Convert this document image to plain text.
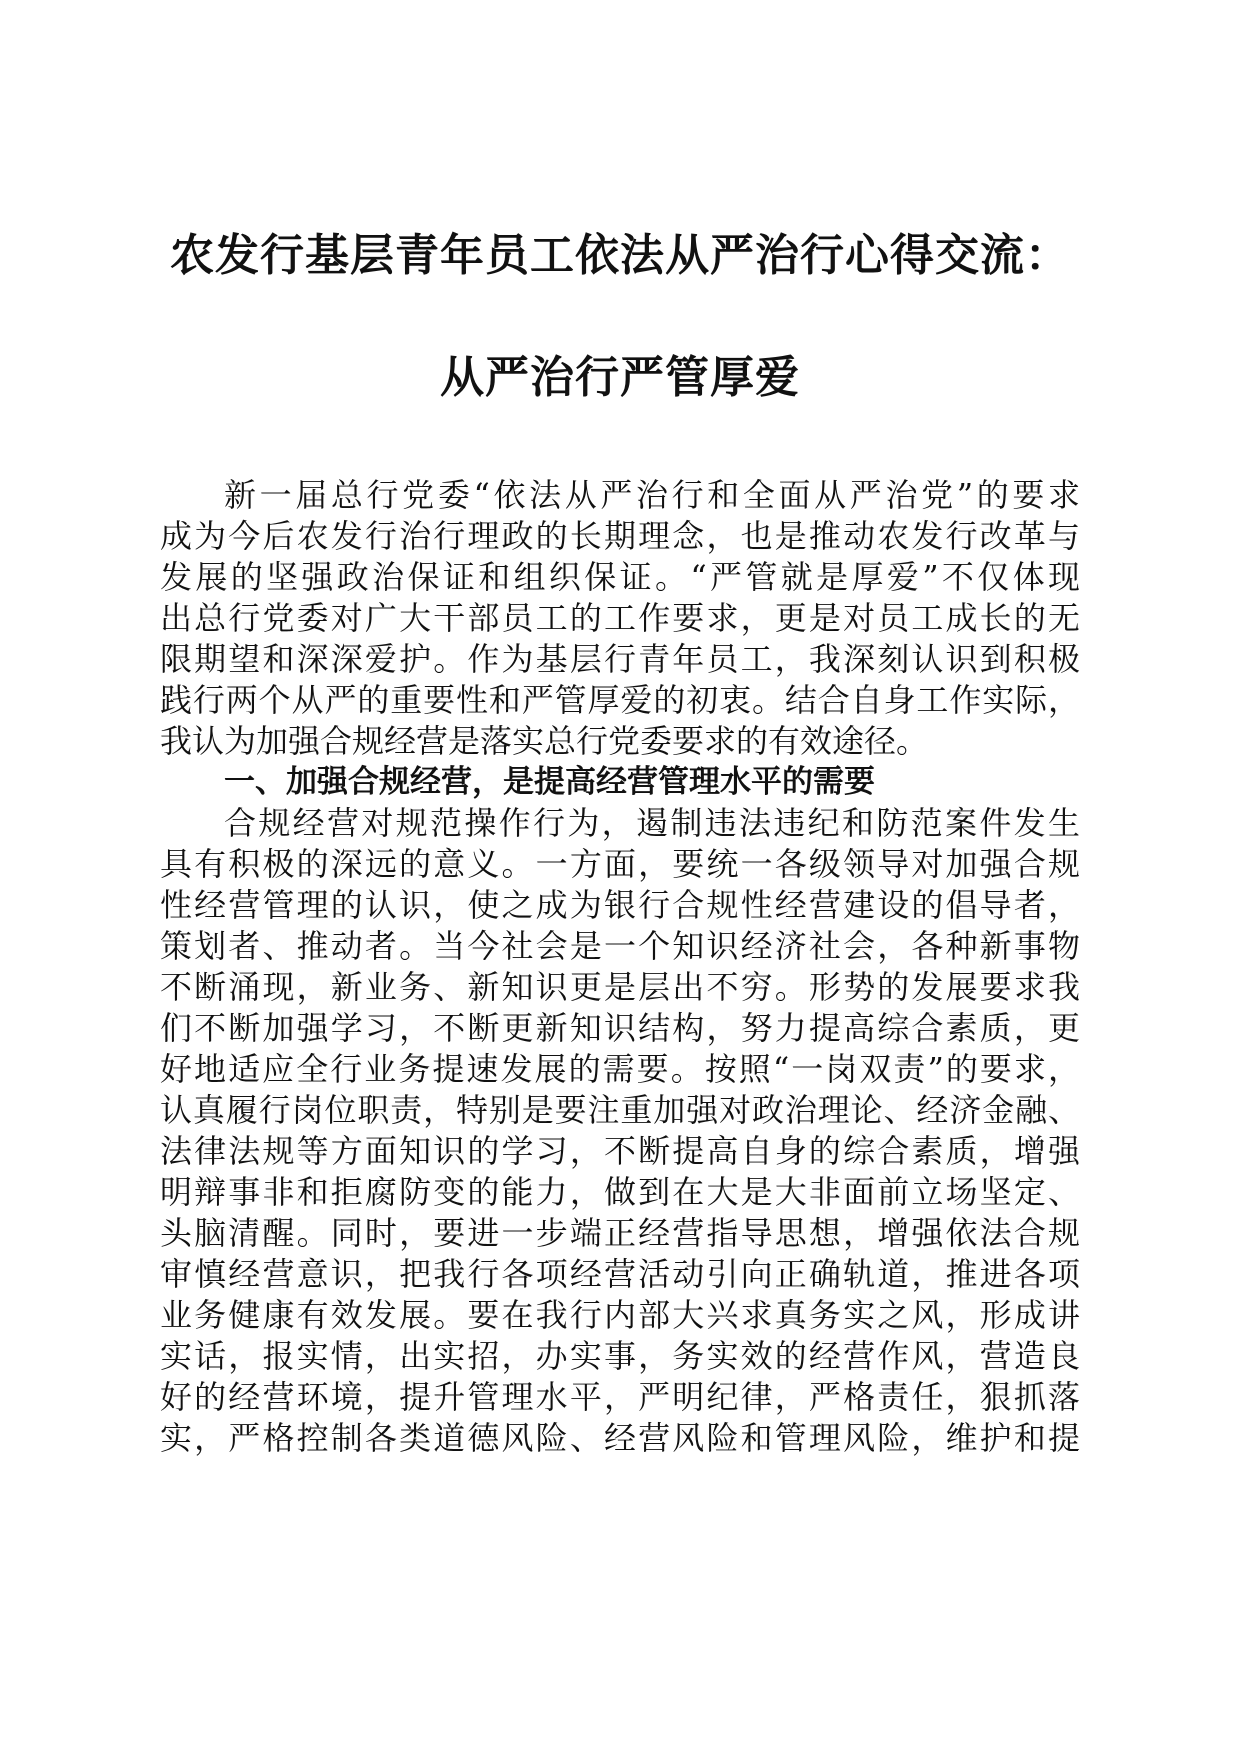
农发行基层青年员工依法从严治行心得交流：
从严治行严管厚爱
新一届总行党委“依法从严治行和全面从严治党”的要求
成为今后农发行治行理政的长期理念，也是推动农发行改革与
发展的坚强政治保证和组织保证。“严管就是厚爱”不仅体现
出总行党委对广大干部员工的工作要求，更是对员工成长的无
限期望和深深爱护。作为基层行青年员工，我深刻认识到积极
践行两个从严的重要性和严管厚爱的初衷。结合自身工作实际，
我认为加强合规经营是落实总行党委要求的有效途径。
一、加强合规经营，是提高经营管理水平的需要
合规经营对规范操作行为，遏制违法违纪和防范案件发生
具有积极的深远的意义。一方面，要统一各级领导对加强合规
性经营管理的认识，使之成为银行合规性经营建设的倡导者，
策划者、推动者。当今社会是一个知识经济社会，各种新事物
不断涌现，新业务、新知识更是层出不穷。形势的发展要求我
们不断加强学习，不断更新知识结构，努力提高综合素质，更
好地适应全行业务提速发展的需要。按照“一岗双责”的要求，
认真履行岗位职责，特别是要注重加强对政治理论、经济金融、
法律法规等方面知识的学习，不断提高自身的综合素质，增强
明辩事非和拒腐防变的能力，做到在大是大非面前立场坚定、
头脑清醒。同时，要进一步端正经营指导思想，增强依法合规
审慎经营意识，把我行各项经营活动引向正确轨道，推进各项
业务健康有效发展。要在我行内部大兴求真务实之风，形成讲
实话，报实情，出实招，办实事，务实效的经营作风，营造良
好的经营环境，提升管理水平，严明纪律，严格责任，狠抓落
实，严格控制各类道德风险、经营风险和管理风险，维护和提
